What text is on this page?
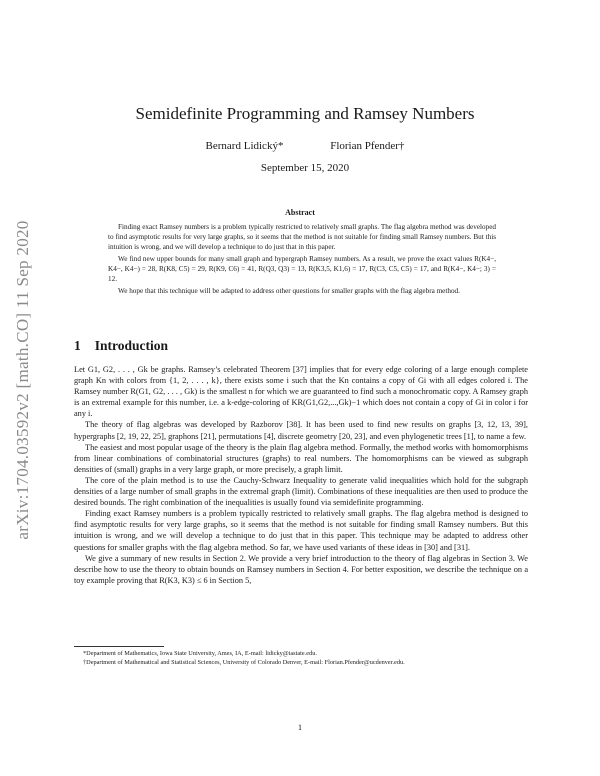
arXiv:1704.03592v2 [math.CO] 11 Sep 2020
Semidefinite Programming and Ramsey Numbers
Bernard Lidický*	Florian Pfender†
September 15, 2020
Abstract

Finding exact Ramsey numbers is a problem typically restricted to relatively small graphs. The flag algebra method was developed to find asymptotic results for very large graphs, so it seems that the method is not suitable for finding small Ramsey numbers. But this intuition is wrong, and we will develop a technique to do just that in this paper.

We find new upper bounds for many small graph and hypergraph Ramsey numbers. As a result, we prove the exact values R(K4−, K4−, K4−) = 28, R(K8, C5) = 29, R(K9, C6) = 41, R(Q3, Q3) = 13, R(K3,5, K1,6) = 17, R(C3, C5, C5) = 17, and R(K4−, K4−; 3) = 12.

We hope that this technique will be adapted to address other questions for smaller graphs with the flag algebra method.

1 Introduction

Let G1, G2, . . . , Gk be graphs. Ramsey’s celebrated Theorem [37] implies that for every edge coloring of a large enough complete graph Kn with colors from {1, 2, . . . , k}, there exists some i such that the Kn contains a copy of Gi with all edges colored i. The Ramsey number R(G1, G2, . . . , Gk) is the smallest n for which we are guaranteed to find such a monochromatic copy. A Ramsey graph is an extremal example for this number, i.e. a k-edge-coloring of KR(G1,G2,...,Gk)−1 which does not contain a copy of Gi in color i for any i.

The theory of flag algebras was developed by Razborov [38]. It has been used to find new results on graphs [3, 12, 13, 39], hypergraphs [2, 19, 22, 25], graphons [21], permutations [4], discrete geometry [20, 23], and even phylogenetic trees [1], to name a few.

The easiest and most popular usage of the theory is the plain flag algebra method. Formally, the method works with homomorphisms from linear combinations of combinatorial structures (graphs) to real numbers. The homomorphisms can be viewed as subgraph densities of (small) graphs in a very large graph, or more precisely, a graph limit.

The core of the plain method is to use the Cauchy-Schwarz Inequality to generate valid inequalities which hold for the subgraph densities of a large number of small graphs in the extremal graph (limit). Combinations of these inequalities are then used to produce the desired bounds. The right combination of the inequalities is usually found via semidefinite programming.

Finding exact Ramsey numbers is a problem typically restricted to relatively small graphs. The flag algebra method is designed to find asymptotic results for very large graphs, so it seems that the method is not suitable for finding small Ramsey numbers. But this intuition is wrong, and we will develop a technique to do just that in this paper. This technique may be adapted to address other questions for smaller graphs with the flag algebra method. So far, we have used variants of these ideas in [30] and [31].

We give a summary of new results in Section 2. We provide a very brief introduction to the theory of flag algebras in Section 3. We describe how to use the theory to obtain bounds on Ramsey numbers in Section 4. For better exposition, we describe the technique on a toy example proving that R(K3, K3) ≤ 6 in Section 5,

*Department of Mathematics, Iowa State University, Ames, IA, E-mail: lidicky@iastate.edu.

†Department of Mathematical and Statistical Sciences, University of Colorado Denver, E-mail: Florian.Pfender@ucdenver.edu.

1
